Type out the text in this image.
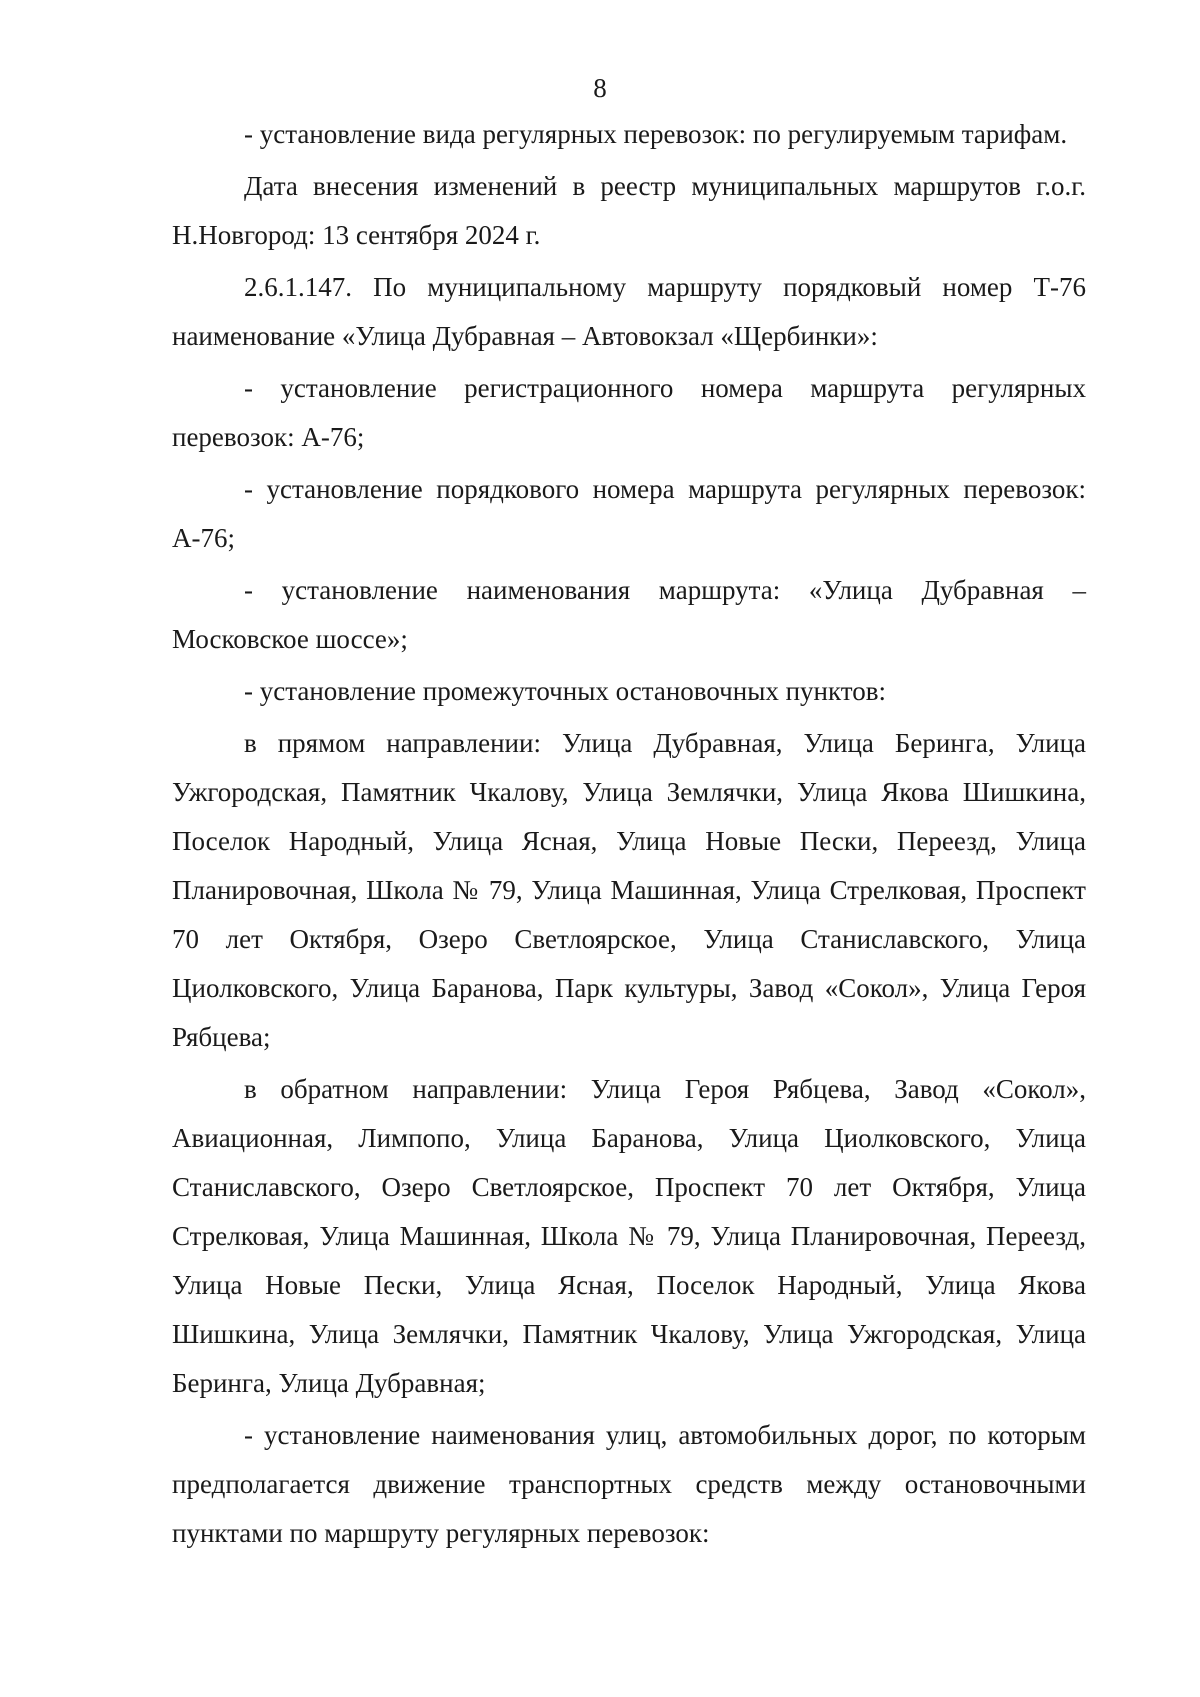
8

- установление вида регулярных перевозок: по регулируемым тарифам.

Дата внесения изменений в реестр муниципальных маршрутов г.о.г. Н.Новгород: 13 сентября 2024 г.

2.6.1.147. По муниципальному маршруту порядковый номер Т-76 наименование «Улица Дубравная – Автовокзал «Щербинки»:

- установление регистрационного номера маршрута регулярных перевозок: А-76;

- установление порядкового номера маршрута регулярных перевозок: А-76;

- установление наименования маршрута: «Улица Дубравная – Московское шоссе»;

- установление промежуточных остановочных пунктов:

в прямом направлении: Улица Дубравная, Улица Беринга, Улица Ужгородская, Памятник Чкалову, Улица Землячки, Улица Якова Шишкина, Поселок Народный, Улица Ясная, Улица Новые Пески, Переезд, Улица Планировочная, Школа № 79, Улица Машинная, Улица Стрелковая, Проспект 70 лет Октября, Озеро Светлоярское, Улица Станиславского, Улица Циолковского, Улица Баранова, Парк культуры, Завод «Сокол», Улица Героя Рябцева;

в обратном направлении: Улица Героя Рябцева, Завод «Сокол», Авиационная, Лимпопо, Улица Баранова, Улица Циолковского, Улица Станиславского, Озеро Светлоярское, Проспект 70 лет Октября, Улица Стрелковая, Улица Машинная, Школа № 79, Улица Планировочная, Переезд, Улица Новые Пески, Улица Ясная, Поселок Народный, Улица Якова Шишкина, Улица Землячки, Памятник Чкалову, Улица Ужгородская, Улица Беринга, Улица Дубравная;

- установление наименования улиц, автомобильных дорог, по которым предполагается движение транспортных средств между остановочными пунктами по маршруту регулярных перевозок:
